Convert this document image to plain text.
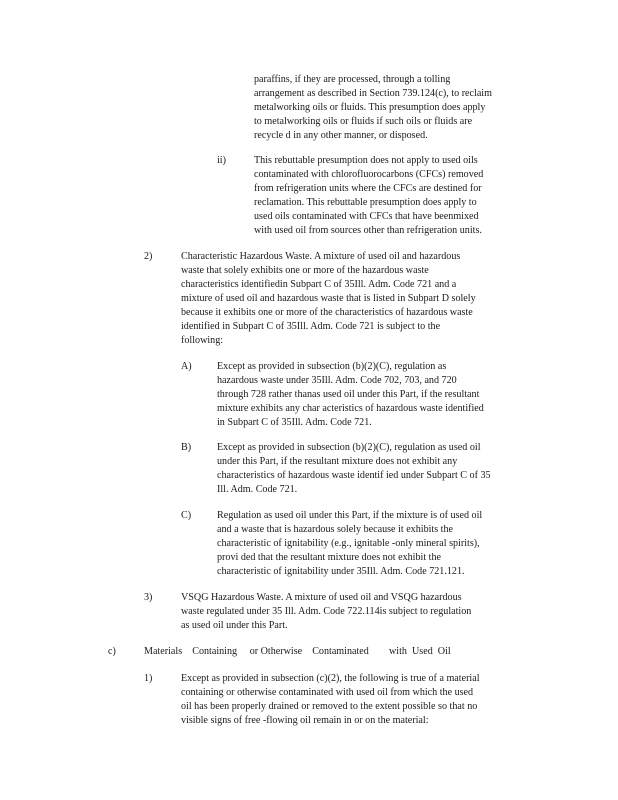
paraffins, if they are processed, through a tolling

arrangement as described in Section 739.124(c), to reclaim

metalworking oils or fluids. This presumption does apply

to metalworking oils or fluids if such oils or fluids are

recycle d in any other manner, or disposed.

ii)	This rebuttable presumption does not apply to used oils

contaminated with chlorofluorocarbons (CFCs) removed

from refrigeration units where the CFCs are destined for

reclamation. This rebuttable presumption does apply to

used oils contaminated with CFCs that have beenmixed

with used oil from sources other than refrigeration units.

2)	Characteristic Hazardous Waste. A mixture of used oil and hazardous

waste that solely exhibits one or more of the hazardous waste

characteristics identifiedin Subpart C of 35Ill. Adm. Code 721 and a

mixture of used oil and hazardous waste that is listed in Subpart D solely

because it exhibits one or more of the characteristics of hazardous waste

identified in Subpart C of 35Ill. Adm. Code 721 is subject to the

following:

A)	Except as provided in subsection (b)(2)(C), regulation as

hazardous waste under 35Ill. Adm. Code 702, 703, and 720

through 728 rather thanas used oil under this Part, if the resultant

mixture exhibits any char acteristics of hazardous waste identified

in Subpart C of 35Ill. Adm. Code 721.

B)	Except as provided in subsection (b)(2)(C), regulation as used oil

under this Part, if the resultant mixture does not exhibit any

characteristics of hazardous waste identif ied under Subpart C of 35

Ill. Adm. Code 721.

C)	Regulation as used oil under this Part, if the mixture is of used oil

and a waste that is hazardous solely because it exhibits the

characteristic of ignitability (e.g., ignitable -only mineral spirits),

provi ded that the resultant mixture does not exhibit the

characteristic of ignitability under 35Ill. Adm. Code 721.121.

3)	VSQG Hazardous Waste. A mixture of used oil and VSQG hazardous

waste regulated under 35 Ill. Adm. Code 722.114is subject to regulation

as used oil under this Part.

c)	Materials    Containing     or Otherwise    Contaminated        with  Used  Oil
1)	Except as provided in subsection (c)(2), the following is true of a material

containing or otherwise contaminated with used oil from which the used

oil has been properly drained or removed to the extent possible so that no

visible signs of free -flowing oil remain in or on the material:
